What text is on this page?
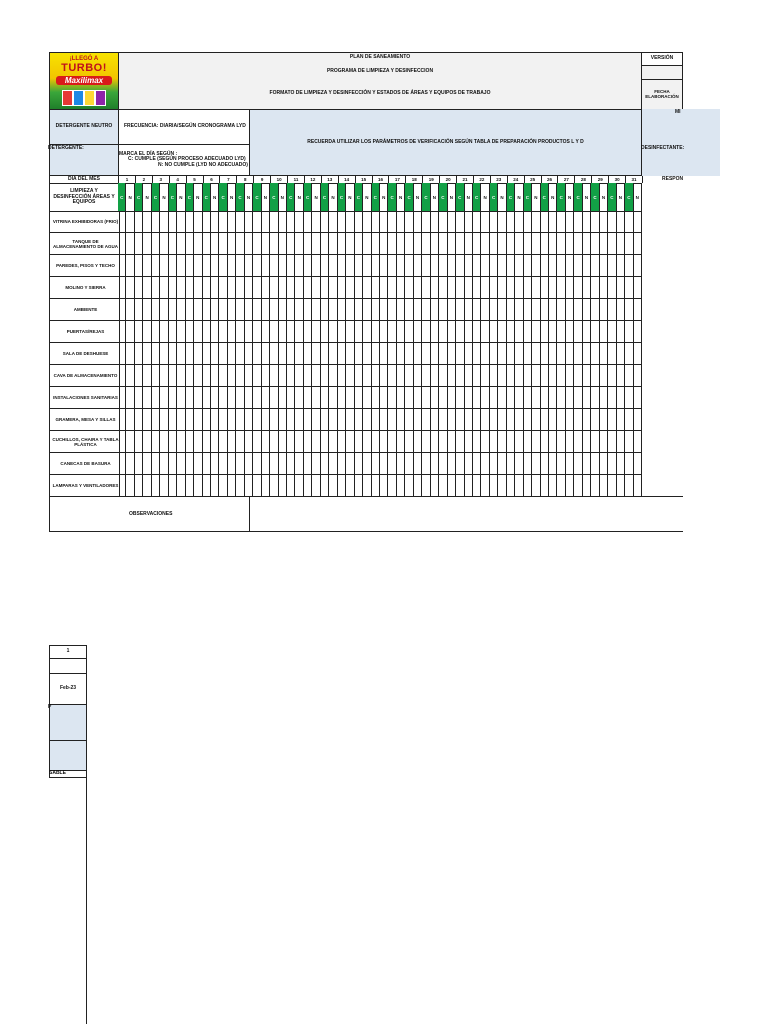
¡LLEGÓ A
TURBO!
Maxilimax
PLAN DE SANEAMIENTO
PROGRAMA DE LIMPIEZA Y DESINFECCION
FORMATO DE LIMPIEZA Y DESINFECCIÓN Y ESTADOS DE ÁREAS Y EQUIPOS DE TRABAJO
VERSIÓN
FECHA ELABORACIÓN
DETERGENTE NEUTRO
DETERGENTE:
FRECUENCIA: DIARIA/SEGÚN CRONOGRAMA LYD
MARCA EL DÍA SEGÚN :
C: CUMPLE (SEGÚN PROCESO ADECUADO LYD)
N: NO CUMPLE (LYD NO ADECUADO)
RECUERDA UTILIZAR LOS PARÁMETROS DE VERIFICACIÓN SEGÚN TABLA DE PREPARACIÓN PRODUCTOS L Y D
MI
DESINFECTANTE:
DIA DEL MES	1	2	3	4	5	6	7	8	9	10	11	12	13	14	15	16	17	18	19	20	21	22	23	24	25	26	27	28	29	30	31	RESPON
LIMPIEZA Y DESINFECCIÓN ÁREAS Y EQUIPOS
C	N	C	N	C	N	C	N	C	N	C	N	C	N	C	N	C	N	C	N	C	N	C	N	C	N	C	N	C	N	C	N	C	N	C	N	C	N	C	N	C	N	C	N	C	N	C	N	C	N	C	N	C	N	C	N	C	N	C	N	C	N
VITRINA EXHIBIDORAS (FRIO)
TANQUE DE ALMACENAMIENTO DE AGUA
PAREDES, PISOS Y TECHO
MOLINO Y SIERRA
AMBIENTE
PUERTAS/REJAS
SALA DE DESHUESE
CAVA DE ALMACENAMIENTO
INSTALACIONES SANITARIAS
GRAMERA, MESA Y SILLAS
CUCHILLOS, CHAIRA Y TABLA PLÁSTICA
CANECAS DE BASURA
LAMPARAS Y VENTILADORES
OBSERVACIONES
1
Feb-23
P
SABLE
